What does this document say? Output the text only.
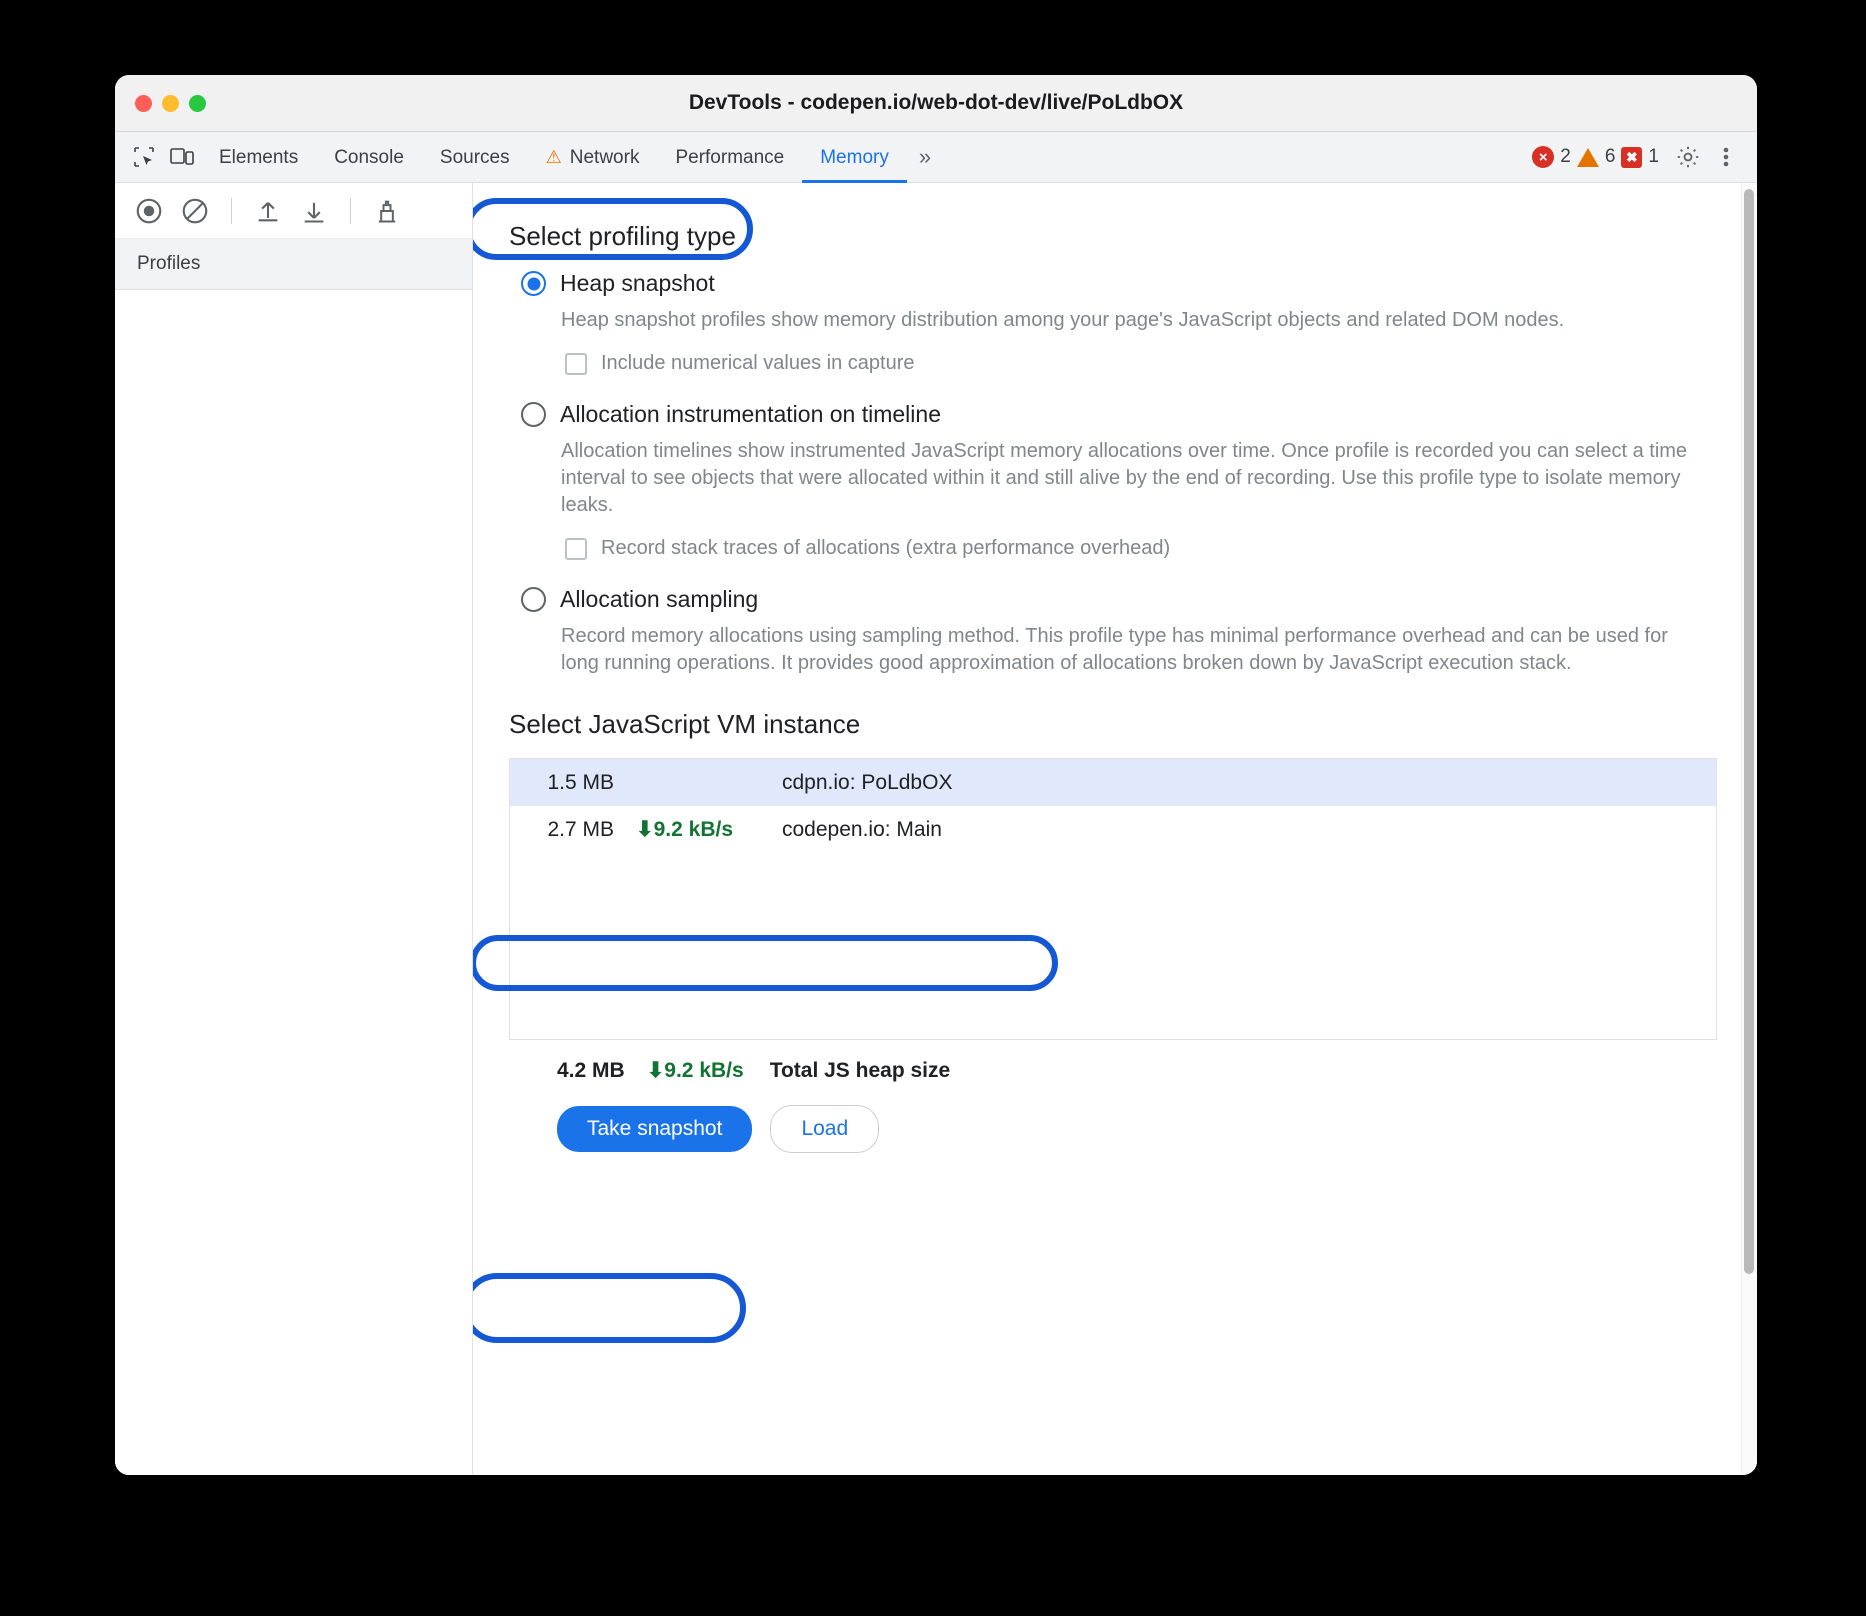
DevTools - codepen.io/web-dot-dev/live/PoLdbOX
Elements Console Sources ⚠ Network Performance Memory	»	× 2 6 ✖ 1
Profiles
Select profiling type
Heap snapshot
Heap snapshot profiles show memory distribution among your page's JavaScript objects and related DOM nodes.
Include numerical values in capture
Allocation instrumentation on timeline
Allocation timelines show instrumented JavaScript memory allocations over time. Once profile is recorded you can select a time interval to see objects that were allocated within it and still alive by the end of recording. Use this profile type to isolate memory leaks.
Record stack traces of allocations (extra performance overhead)
Allocation sampling
Record memory allocations using sampling method. This profile type has minimal performance overhead and can be used for long running operations. It provides good approximation of allocations broken down by JavaScript execution stack.
Select JavaScript VM instance
1.5 MB	cdpn.io: PoLdbOX
2.7 MB	⬇9.2 kB/s	codepen.io: Main
4.2 MB ⬇9.2 kB/s Total JS heap size
Take snapshot	Load
